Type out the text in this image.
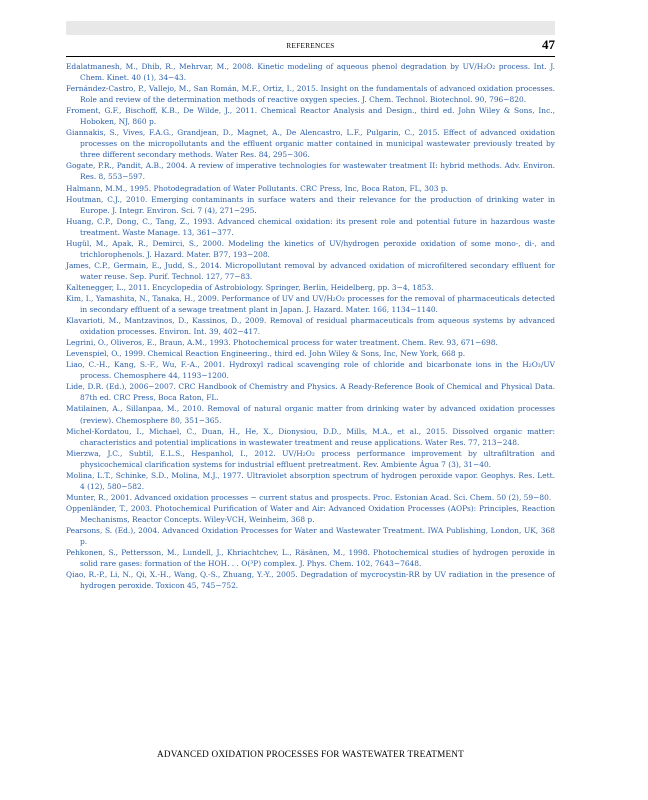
REFERENCES	47

Edalatmanesh, M., Dhib, R., Mehrvar, M., 2008. Kinetic modeling of aqueous phenol degradation by UV/H₂O₂ process. Int. J. Chem. Kinet. 40 (1), 34−43.

Fernández-Castro, P., Vallejo, M., San Román, M.F., Ortiz, I., 2015. Insight on the fundamentals of advanced oxidation processes. Role and review of the determination methods of reactive oxygen species. J. Chem. Technol. Biotechnol. 90, 796−820.

Froment, G.F., Bischoff, K.B., De Wilde, J., 2011. Chemical Reactor Analysis and Design., third ed. John Wiley & Sons, Inc., Hoboken, NJ, 860 p.

Giannakis, S., Vives, F.A.G., Grandjean, D., Magnet, A., De Alencastro, L.F., Pulgarin, C., 2015. Effect of advanced oxidation processes on the micropollutants and the effluent organic matter contained in municipal wastewater previously treated by three different secondary methods. Water Res. 84, 295−306.

Gogate, P.R., Pandit, A.B., 2004. A review of imperative technologies for wastewater treatment II: hybrid methods. Adv. Environ. Res. 8, 553−597.

Halmann, M.M., 1995. Photodegradation of Water Pollutants. CRC Press, Inc, Boca Raton, FL, 303 p.

Houtman, C.J., 2010. Emerging contaminants in surface waters and their relevance for the production of drinking water in Europe. J. Integr. Environ. Sci. 7 (4), 271−295.

Huang, C.P., Dong, C., Tang, Z., 1993. Advanced chemical oxidation: its present role and potential future in hazardous waste treatment. Waste Manage. 13, 361−377.

Hugül, M., Apak, R., Demirci, S., 2000. Modeling the kinetics of UV/hydrogen peroxide oxidation of some mono-, di-, and trichlorophenols. J. Hazard. Mater. B77, 193−208.

James, C.P., Germain, E., Judd, S., 2014. Micropollutant removal by advanced oxidation of microfiltered secondary effluent for water reuse. Sep. Purif. Technol. 127, 77−83.

Kaltenegger, L., 2011. Encyclopedia of Astrobiology. Springer, Berlin, Heidelberg, pp. 3−4, 1853.

Kim, I., Yamashita, N., Tanaka, H., 2009. Performance of UV and UV/H₂O₂ processes for the removal of pharmaceuticals detected in secondary effluent of a sewage treatment plant in Japan. J. Hazard. Mater. 166, 1134−1140.

Klavarioti, M., Mantzavinos, D., Kassinos, D., 2009. Removal of residual pharmaceuticals from aqueous systems by advanced oxidation processes. Environ. Int. 39, 402−417.

Legrini, O., Oliveros, E., Braun, A.M., 1993. Photochemical process for water treatment. Chem. Rev. 93, 671−698.

Levenspiel, O., 1999. Chemical Reaction Engineering., third ed. John Wiley & Sons, Inc, New York, 668 p.

Liao, C.-H., Kang, S.-F., Wu, F.-A., 2001. Hydroxyl radical scavenging role of chloride and bicarbonate ions in the H₂O₂/UV process. Chemosphere 44, 1193−1200.

Lide, D.R. (Ed.), 2006−2007. CRC Handbook of Chemistry and Physics. A Ready-Reference Book of Chemical and Physical Data. 87th ed. CRC Press, Boca Raton, FL.

Matilainen, A., Sillanpaa, M., 2010. Removal of natural organic matter from drinking water by advanced oxidation processes (review). Chemosphere 80, 351−365.

Michel-Kordatou, I., Michael, C., Duan, H., He, X., Dionysiou, D.D., Mills, M.A., et al., 2015. Dissolved organic matter: characteristics and potential implications in wastewater treatment and reuse applications. Water Res. 77, 213−248.

Mierzwa, J.C., Subtil, E.L.S., Hespanhol, I., 2012. UV/H₂O₂ process performance improvement by ultrafiltration and physicochemical clarification systems for industrial effluent pretreatment. Rev. Ambiente Água 7 (3), 31−40.

Molina, L.T., Schinke, S.D., Molina, M.J., 1977. Ultraviolet absorption spectrum of hydrogen peroxide vapor. Geophys. Res. Lett. 4 (12), 580−582.

Munter, R., 2001. Advanced oxidation processes − current status and prospects. Proc. Estonian Acad. Sci. Chem. 50 (2), 59−80.

Oppenländer, T., 2003. Photochemical Purification of Water and Air: Advanced Oxidation Processes (AOPs): Principles, Reaction Mechanisms, Reactor Concepts. Wiley-VCH, Weinheim, 368 p.

Pearsons, S. (Ed.), 2004. Advanced Oxidation Processes for Water and Wastewater Treatment. IWA Publishing, London, UK, 368 p.

Pehkonen, S., Pettersson, M., Lundell, J., Khriachtchev, L., Räsänen, M., 1998. Photochemical studies of hydrogen peroxide in solid rare gases: formation of the HOH. . . O(³P) complex. J. Phys. Chem. 102, 7643−7648.

Qiao, R.-P., Li, N., Qi, X.-H., Wang, Q.-S., Zhuang, Y.-Y., 2005. Degradation of mycrocystin-RR by UV radiation in the presence of hydrogen peroxide. Toxicon 45, 745−752.

ADVANCED OXIDATION PROCESSES FOR WASTEWATER TREATMENT
